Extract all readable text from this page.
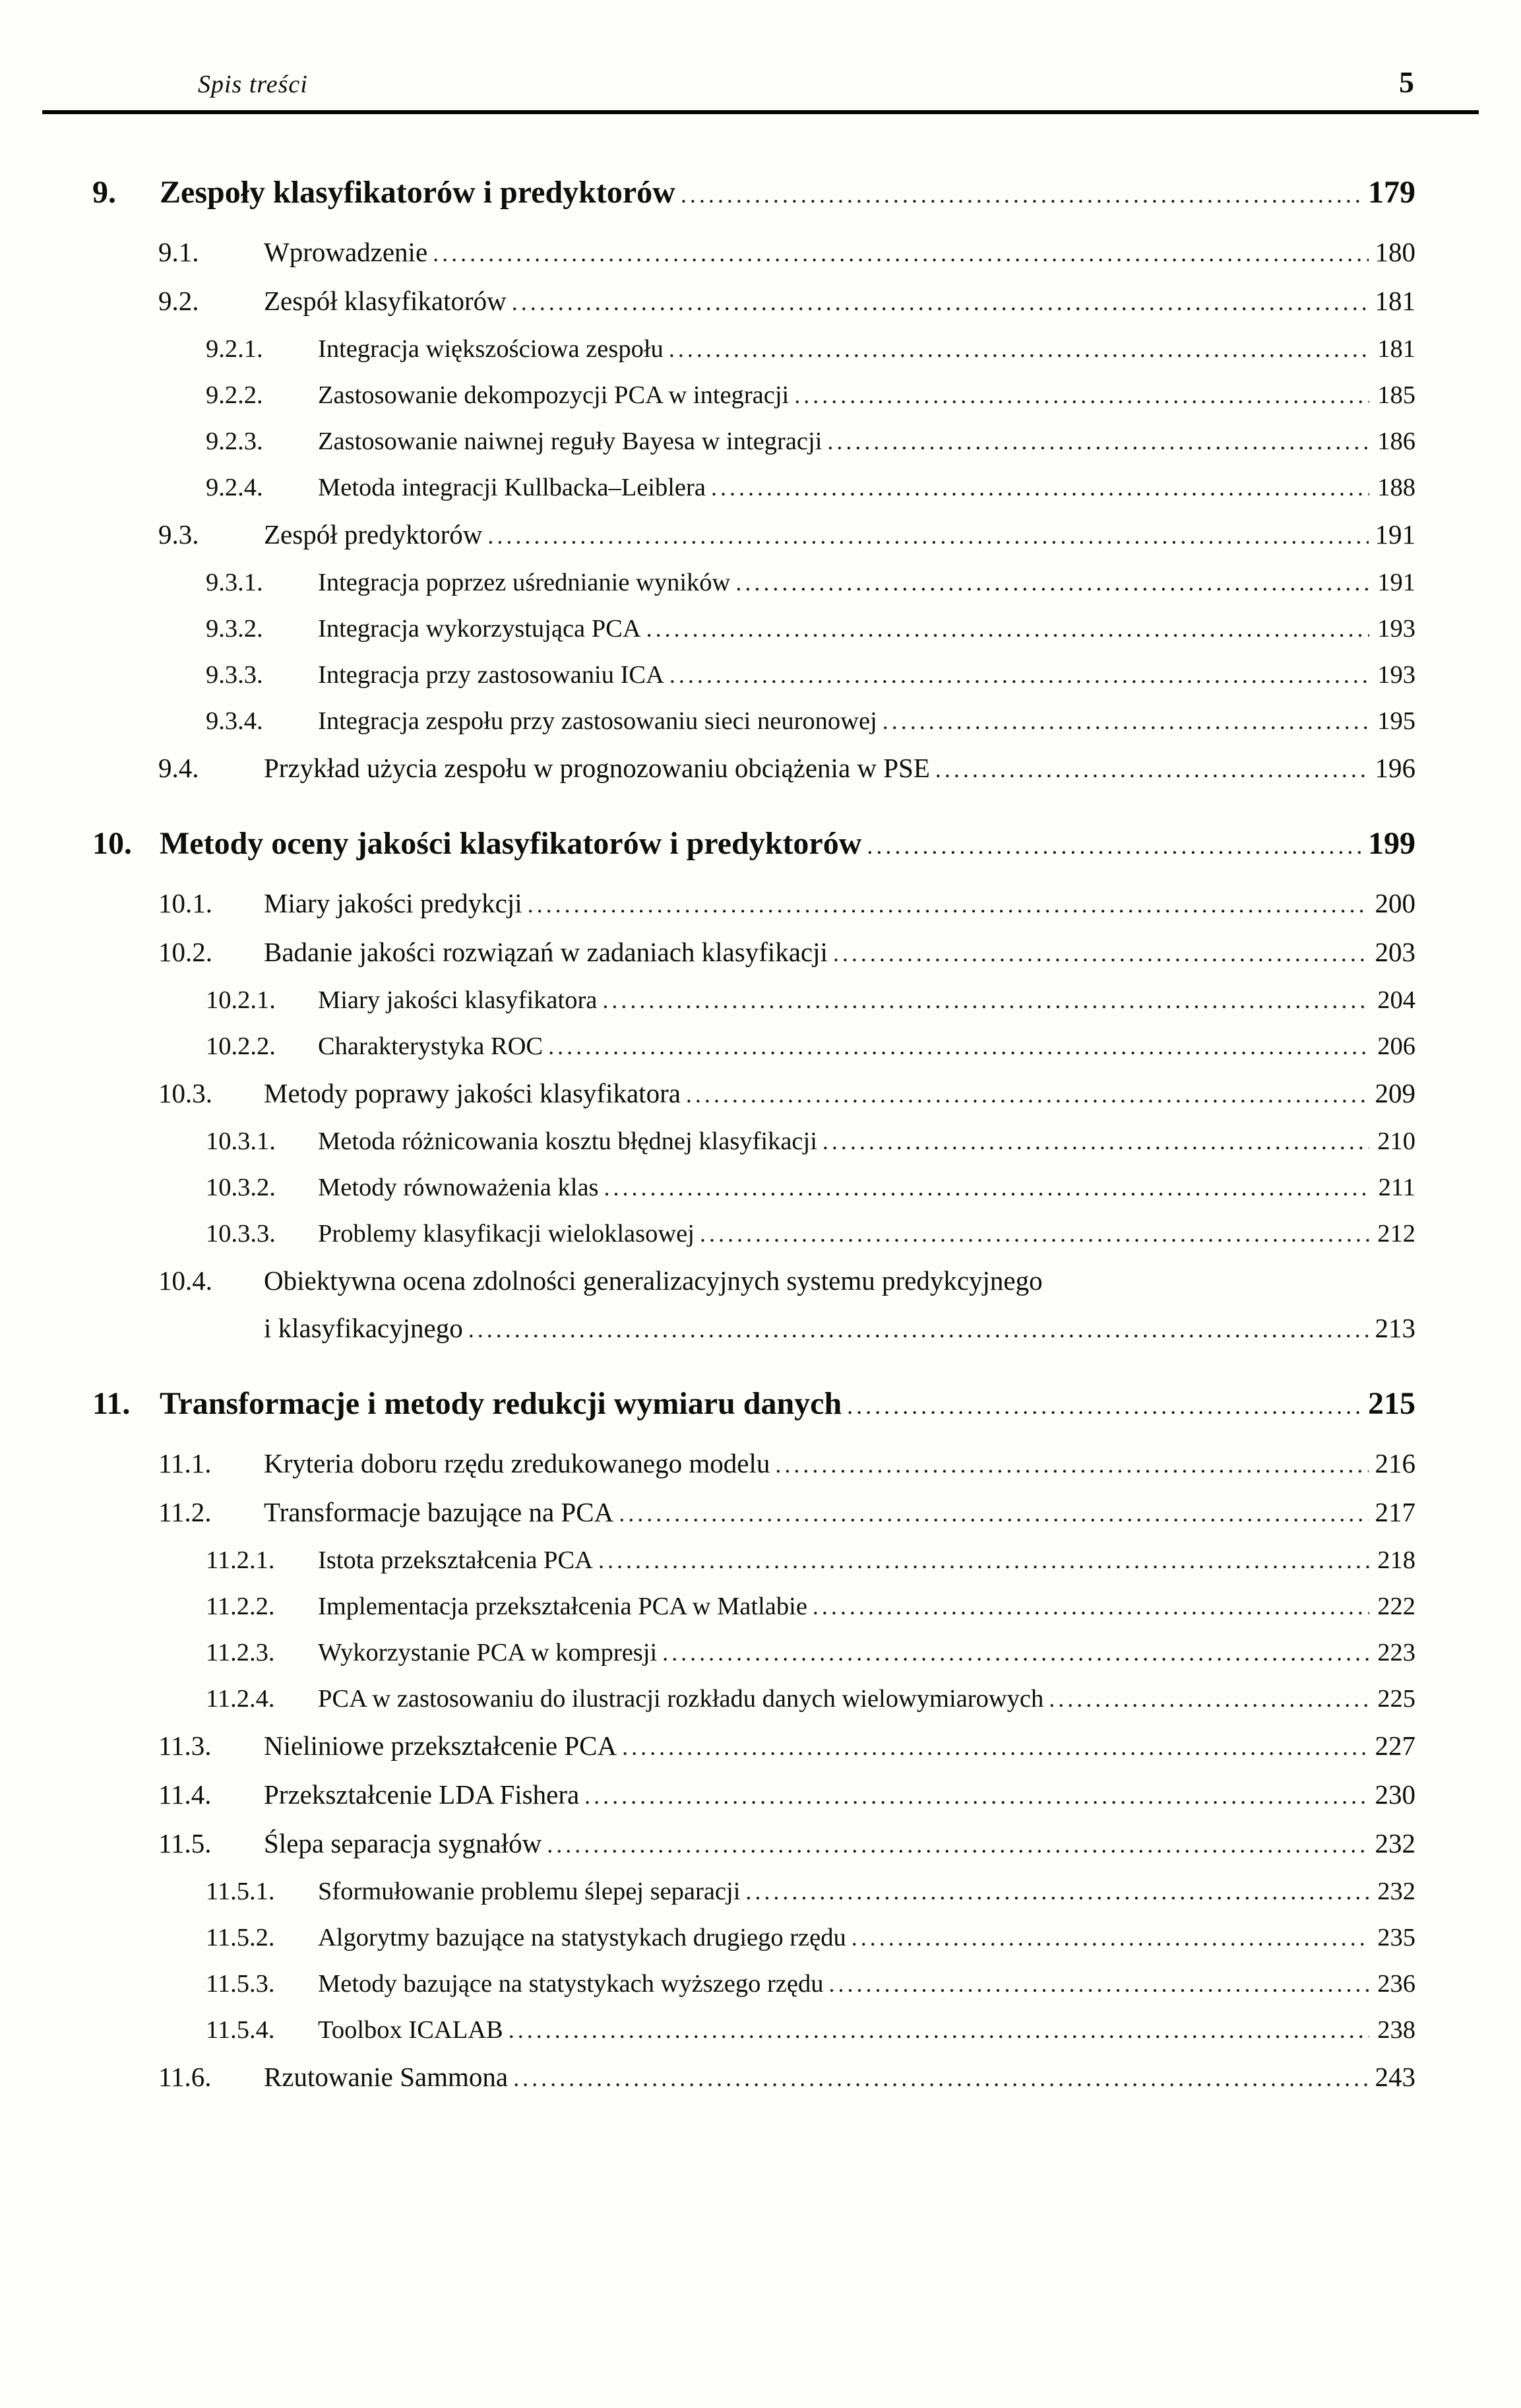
Spis treści	5
9.	Zespoły klasyfikatorów i predyktorów .....	179
9.1.	Wprowadzenie .....	180
9.2.	Zespół klasyfikatorów .....	181
9.2.1.	Integracja większościowa zespołu .....	181
9.2.2.	Zastosowanie dekompozycji PCA w integracji .....	185
9.2.3.	Zastosowanie naiwnej reguły Bayesa w integracji .....	186
9.2.4.	Metoda integracji Kullbacka–Leiblera .....	188
9.3.	Zespół predyktorów .....	191
9.3.1.	Integracja poprzez uśrednianie wyników .....	191
9.3.2.	Integracja wykorzystująca PCA .....	193
9.3.3.	Integracja przy zastosowaniu ICA .....	193
9.3.4.	Integracja zespołu przy zastosowaniu sieci neuronowej .....	195
9.4.	Przykład użycia zespołu w prognozowaniu obciążenia w PSE .....	196
10. Metody oceny jakości klasyfikatorów i predyktorów .....	199
10.1.	Miary jakości predykcji .....	200
10.2.	Badanie jakości rozwiązań w zadaniach klasyfikacji .....	203
10.2.1.	Miary jakości klasyfikatora .....	204
10.2.2.	Charakterystyka ROC .....	206
10.3.	Metody poprawy jakości klasyfikatora .....	209
10.3.1.	Metoda różnicowania kosztu błędnej klasyfikacji .....	210
10.3.2.	Metody równoważenia klas .....	211
10.3.3.	Problemy klasyfikacji wieloklasowej .....	212
10.4.	Obiektywna ocena zdolności generalizacyjnych systemu predykcyjnego
i klasyfikacyjnego .....	213
11. Transformacje i metody redukcji wymiaru danych .....	215
11.1.	Kryteria doboru rzędu zredukowanego modelu .....	216
11.2.	Transformacje bazujące na PCA .....	217
11.2.1.	Istota przekształcenia PCA .....	218
11.2.2.	Implementacja przekształcenia PCA w Matlabie .....	222
11.2.3.	Wykorzystanie PCA w kompresji .....	223
11.2.4.	PCA w zastosowaniu do ilustracji rozkładu danych wielowymiarowych .....	225
11.3.	Nieliniowe przekształcenie PCA .....	227
11.4.	Przekształcenie LDA Fishera .....	230
11.5.	Ślepa separacja sygnałów .....	232
11.5.1.	Sformułowanie problemu ślepej separacji .....	232
11.5.2.	Algorytmy bazujące na statystykach drugiego rzędu .....	235
11.5.3.	Metody bazujące na statystykach wyższego rzędu .....	236
11.5.4.	Toolbox ICALAB .....	238
11.6.	Rzutowanie Sammona .....	243
